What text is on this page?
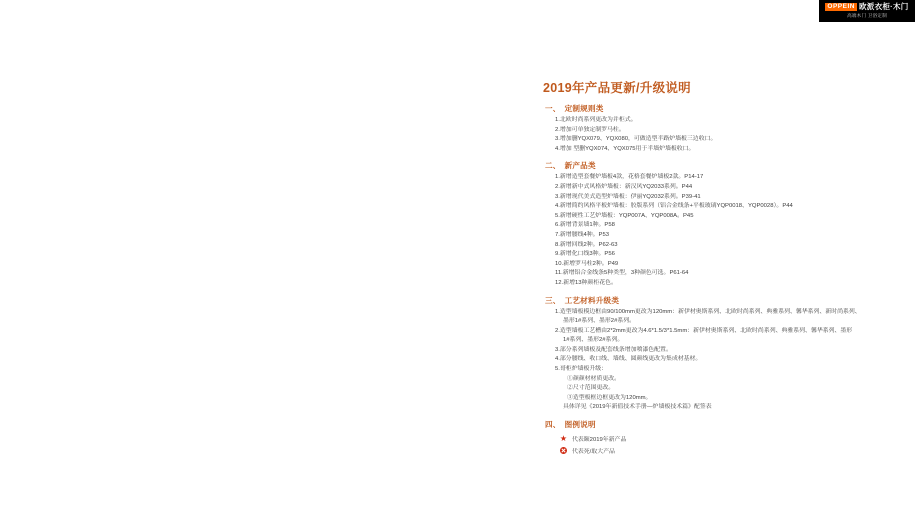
OPPEIN 欧派衣柜·木门
高端木门 卫浴定制
2019年产品更新/升级说明
一、 定制规则类
1.北欧时尚系列更改为并柜式。
2.增加可单独定制罗马柱。
3.增加删YQX079、YQX080，可做造型半路炉墙板三边收口。
4.增加 型删YQX074、YQX075用于半墙炉墙板收口。
二、 新产品类
1.新增造型套餐炉墙板4款，花格套餐炉墙板2款。P14-17
2.新增新中式风格炉墙板：新汉风YQ2033系列。P44
3.新增现代美式造型炉墙板：伊丽YQ2032系列。P39-41
4.新增简约风格平板炉墙板：胶版系列（铝合金线条+平板玻璃YQP0018、YQP0028）。P44
5.新增硬性工艺炉墙板：YQP007A、YQP008A。P45
6.新增背景墙1种。P58
7.新增腰线4种。P53
8.新增回线2种。P62-63
9.新增化口线3种。P56
10.新增罗马柱2种。P49
11.新增铝合金线条5种类型，3种颜色可选。P61-64
12.新增13种颜柜花色。
三、 工艺材料升级类
1.造型墙板模边框由90/100mm更改为120mm：新伊材奥斯系列、北欧时尚系列、典雅系列、馨华系列、新时尚系列、
墨形1#系列、墨形2#系列。
2.造型墙板工艺槽由2*2mm更改为4.6*1.5/3*1.5mm：新伊材奥斯系列、北欧时尚系列、典雅系列、馨华系列、墨形
1#系列、墨形2#系列。
3.部分系列墙板及配套线条增加喷漆色配置。
4.部分腰线、收口线、墙线、圆颜线更改为集成材基材。
5.哥柜炉墙板升级：
①颜颜材材质更改。
②尺寸范围更改。
③造型板框边框更改为120mm。
具体详见《2019年新值技术手册—炉墙板技术篇》配签表
四、 图例说明
★ 代表颐2019年新产品
代表死/取大产品
